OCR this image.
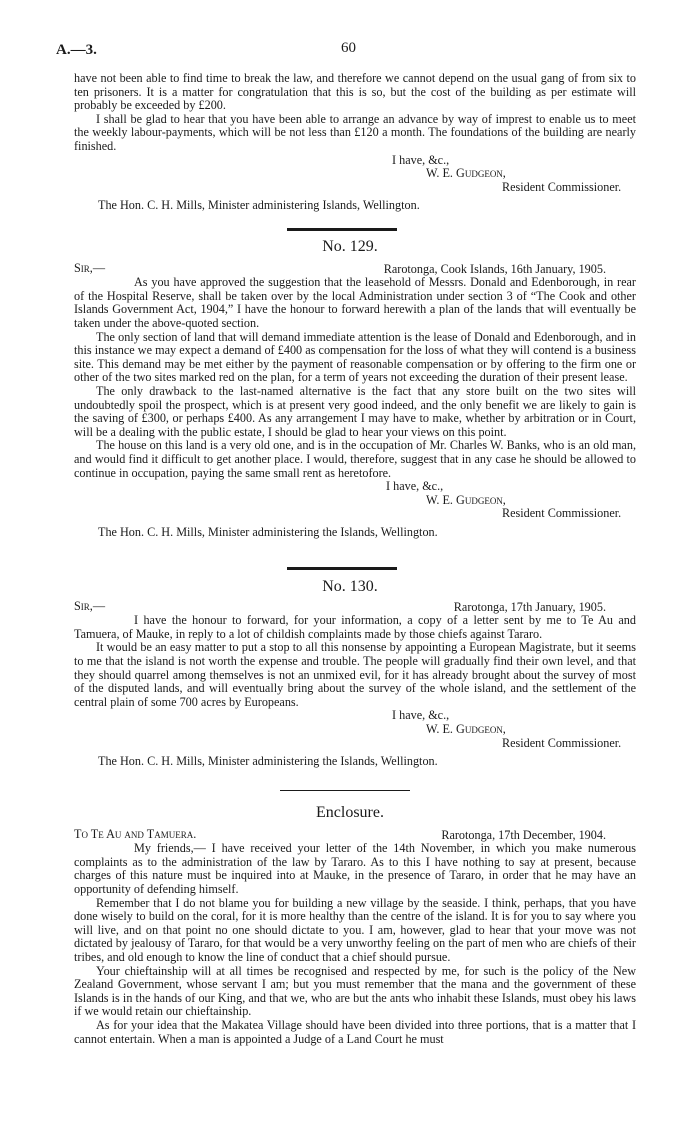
A.—3.	60

have not been able to find time to break the law, and therefore we cannot depend on the usual gang of from six to ten prisoners. It is a matter for congratulation that this is so, but the cost of the building as per estimate will probably be exceeded by £200.

I shall be glad to hear that you have been able to arrange an advance by way of imprest to enable us to meet the weekly labour-payments, which will be not less than £120 a month. The foundations of the building are nearly finished.

I have, &c.,

W. E. Gudgeon,

Resident Commissioner.

The Hon. C. H. Mills, Minister administering Islands, Wellington.

No. 129.

Sir,—	Rarotonga, Cook Islands, 16th January, 1905.

As you have approved the suggestion that the leasehold of Messrs. Donald and Edenborough, in rear of the Hospital Reserve, shall be taken over by the local Administration under section 3 of “The Cook and other Islands Government Act, 1904,” I have the honour to forward herewith a plan of the lands that will eventually be taken under the above-quoted section.

The only section of land that will demand immediate attention is the lease of Donald and Edenborough, and in this instance we may expect a demand of £400 as compensation for the loss of what they will contend is a business site. This demand may be met either by the payment of reasonable compensation or by offering to the firm one or other of the two sites marked red on the plan, for a term of years not exceeding the duration of their present lease.

The only drawback to the last-named alternative is the fact that any store built on the two sites will undoubtedly spoil the prospect, which is at present very good indeed, and the only benefit we are likely to gain is the saving of £300, or perhaps £400. As any arrangement I may have to make, whether by arbitration or in Court, will be a dealing with the public estate, I should be glad to hear your views on this point.

The house on this land is a very old one, and is in the occupation of Mr. Charles W. Banks, who is an old man, and would find it difficult to get another place. I would, therefore, suggest that in any case he should be allowed to continue in occupation, paying the same small rent as heretofore.

I have, &c.,

W. E. Gudgeon,

Resident Commissioner.

The Hon. C. H. Mills, Minister administering the Islands, Wellington.

No. 130.

Sir,—	Rarotonga, 17th January, 1905.

I have the honour to forward, for your information, a copy of a letter sent by me to Te Au and Tamuera, of Mauke, in reply to a lot of childish complaints made by those chiefs against Tararo.

It would be an easy matter to put a stop to all this nonsense by appointing a European Magistrate, but it seems to me that the island is not worth the expense and trouble. The people will gradually find their own level, and that they should quarrel among themselves is not an unmixed evil, for it has already brought about the survey of most of the disputed lands, and will eventually bring about the survey of the whole island, and the settlement of the central plain of some 700 acres by Europeans.

I have, &c.,

W. E. Gudgeon,

Resident Commissioner.

The Hon. C. H. Mills, Minister administering the Islands, Wellington.

Enclosure.

To Te Au and Tamuera.	Rarotonga, 17th December, 1904.

My friends,— I have received your letter of the 14th November, in which you make numerous complaints as to the administration of the law by Tararo. As to this I have nothing to say at present, because charges of this nature must be inquired into at Mauke, in the presence of Tararo, in order that he may have an opportunity of defending himself.

Remember that I do not blame you for building a new village by the seaside. I think, perhaps, that you have done wisely to build on the coral, for it is more healthy than the centre of the island. It is for you to say where you will live, and on that point no one should dictate to you. I am, however, glad to hear that your move was not dictated by jealousy of Tararo, for that would be a very unworthy feeling on the part of men who are chiefs of their tribes, and old enough to know the line of conduct that a chief should pursue.

Your chieftainship will at all times be recognised and respected by me, for such is the policy of the New Zealand Government, whose servant I am; but you must remember that the mana and the government of these Islands is in the hands of our King, and that we, who are but the ants who inhabit these Islands, must obey his laws if we would retain our chieftainship.

As for your idea that the Makatea Village should have been divided into three portions, that is a matter that I cannot entertain. When a man is appointed a Judge of a Land Court he must
